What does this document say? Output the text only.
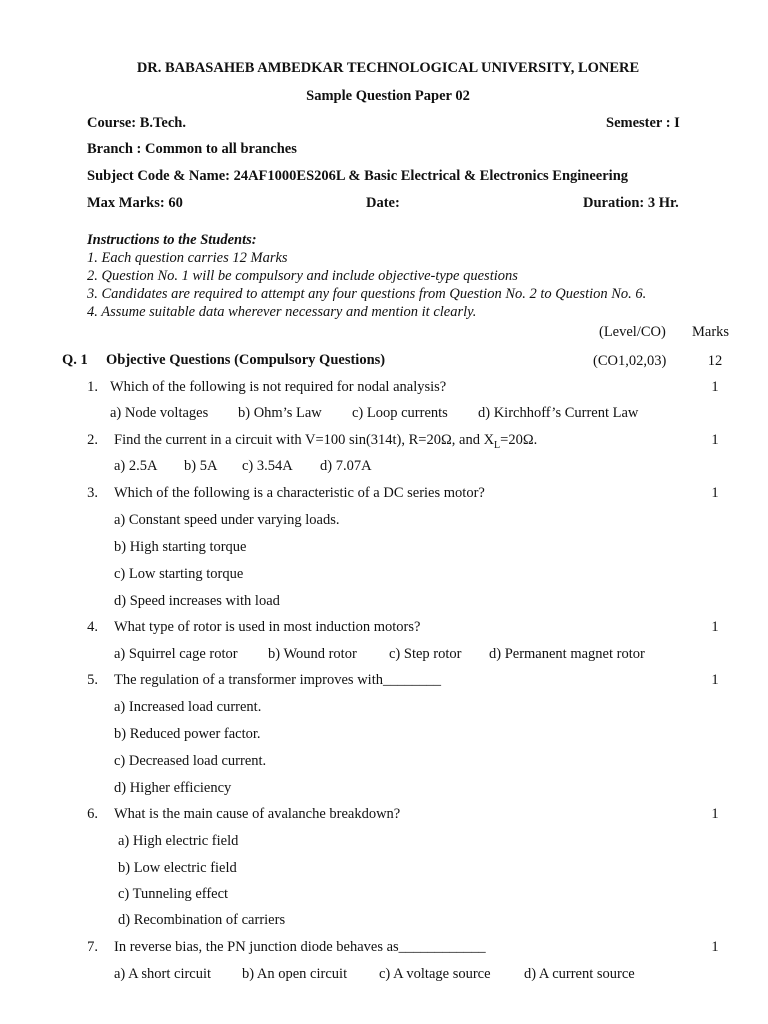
DR. BABASAHEB AMBEDKAR TECHNOLOGICAL UNIVERSITY, LONERE
Sample Question Paper 02
Course: B.Tech.	Semester : I
Branch : Common to all branches
Subject Code & Name: 24AF1000ES206L & Basic Electrical & Electronics Engineering
Max Marks: 60	Date:	Duration: 3 Hr.
Instructions to the Students:
1. Each question carries 12 Marks
2. Question No. 1 will be compulsory and include objective-type questions
3. Candidates are required to attempt any four questions from Question No. 2 to Question No. 6.
4. Assume suitable data wherever necessary and mention it clearly.
(Level/CO) Marks
Q. 1 Objective Questions (Compulsory Questions)	(CO1,02,03)	12
1. Which of the following is not required for nodal analysis?	1
a) Node voltages b) Ohm’s Law c) Loop currents d) Kirchhoff’s Current Law
2. Find the current in a circuit with V=100 sin(314t), R=20Ω, and $X_L=20\Omega$.	1
a) 2.5A b) 5A c) 3.54A d) 7.07A
3. Which of the following is a characteristic of a DC series motor?	1
a) Constant speed under varying loads.
b) High starting torque
c) Low starting torque
d) Speed increases with load
4. What type of rotor is used in most induction motors?	1
a) Squirrel cage rotor b) Wound rotor c) Step rotor d) Permanent magnet rotor
5. The regulation of a transformer improves with________	1
a) Increased load current.
b) Reduced power factor.
c) Decreased load current.
d) Higher efficiency
6. What is the main cause of avalanche breakdown?	1
a) High electric field
b) Low electric field
c) Tunneling effect
d) Recombination of carriers
7. In reverse bias, the PN junction diode behaves as____________	1
a) A short circuit b) An open circuit c) A voltage source d) A current source
